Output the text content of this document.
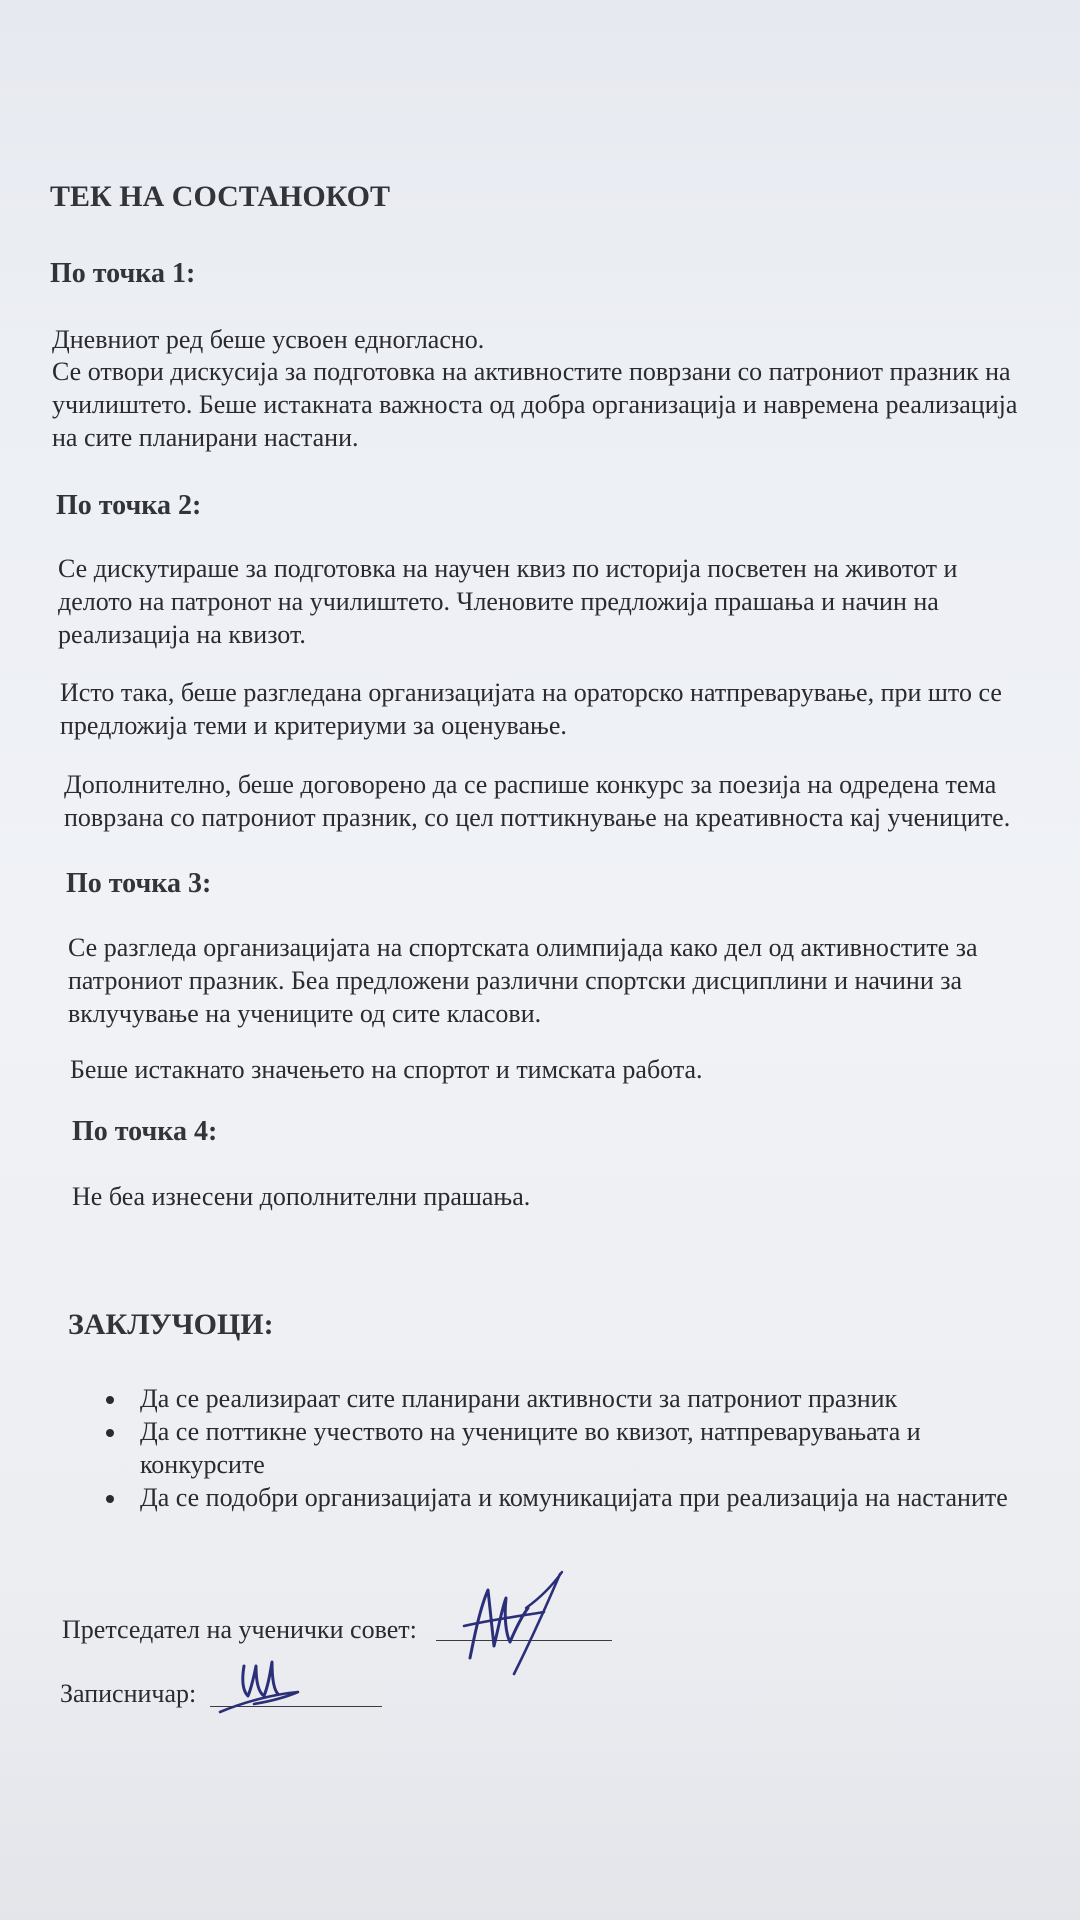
ТЕК НА СОСТАНОКОТ
По точка 1:

Дневниот ред беше усвоен едногласно.

Се отвори дискусија за подготовка на активностите поврзани со патрониот празник на

училиштето. Беше истакната важноста од добра организација и навремена реализација

на сите планирани настани.

По точка 2:

Се дискутираше за подготовка на научен квиз по историја посветен на животот и

делото на патронот на училиштето. Членовите предложија прашања и начин на

реализација на квизот.

Исто така, беше разгледана организацијата на ораторско натпреварување, при што се

предложија теми и критериуми за оценување.

Дополнително, беше договорено да се распише конкурс за поезија на одредена тема

поврзана со патрониот празник, со цел поттикнување на креативноста кај учениците.

По точка 3:

Се разгледа организацијата на спортската олимпијада како дел од активностите за

патрониот празник. Беа предложени различни спортски дисциплини и начини за

вклучување на учениците од сите класови.

Беше истакнато значењето на спортот и тимската работа.

По точка 4:

Не беа изнесени дополнителни прашања.

ЗАКЛУЧОЦИ:
Да се реализираат сите планирани активности за патрониот празник
Да се поттикне учеството на учениците во квизот, натпреварувањата и
конкурсите
Да се подобри организацијата и комуникацијата при реализација на настаните

Претседател на ученички совет:

Записничар:
